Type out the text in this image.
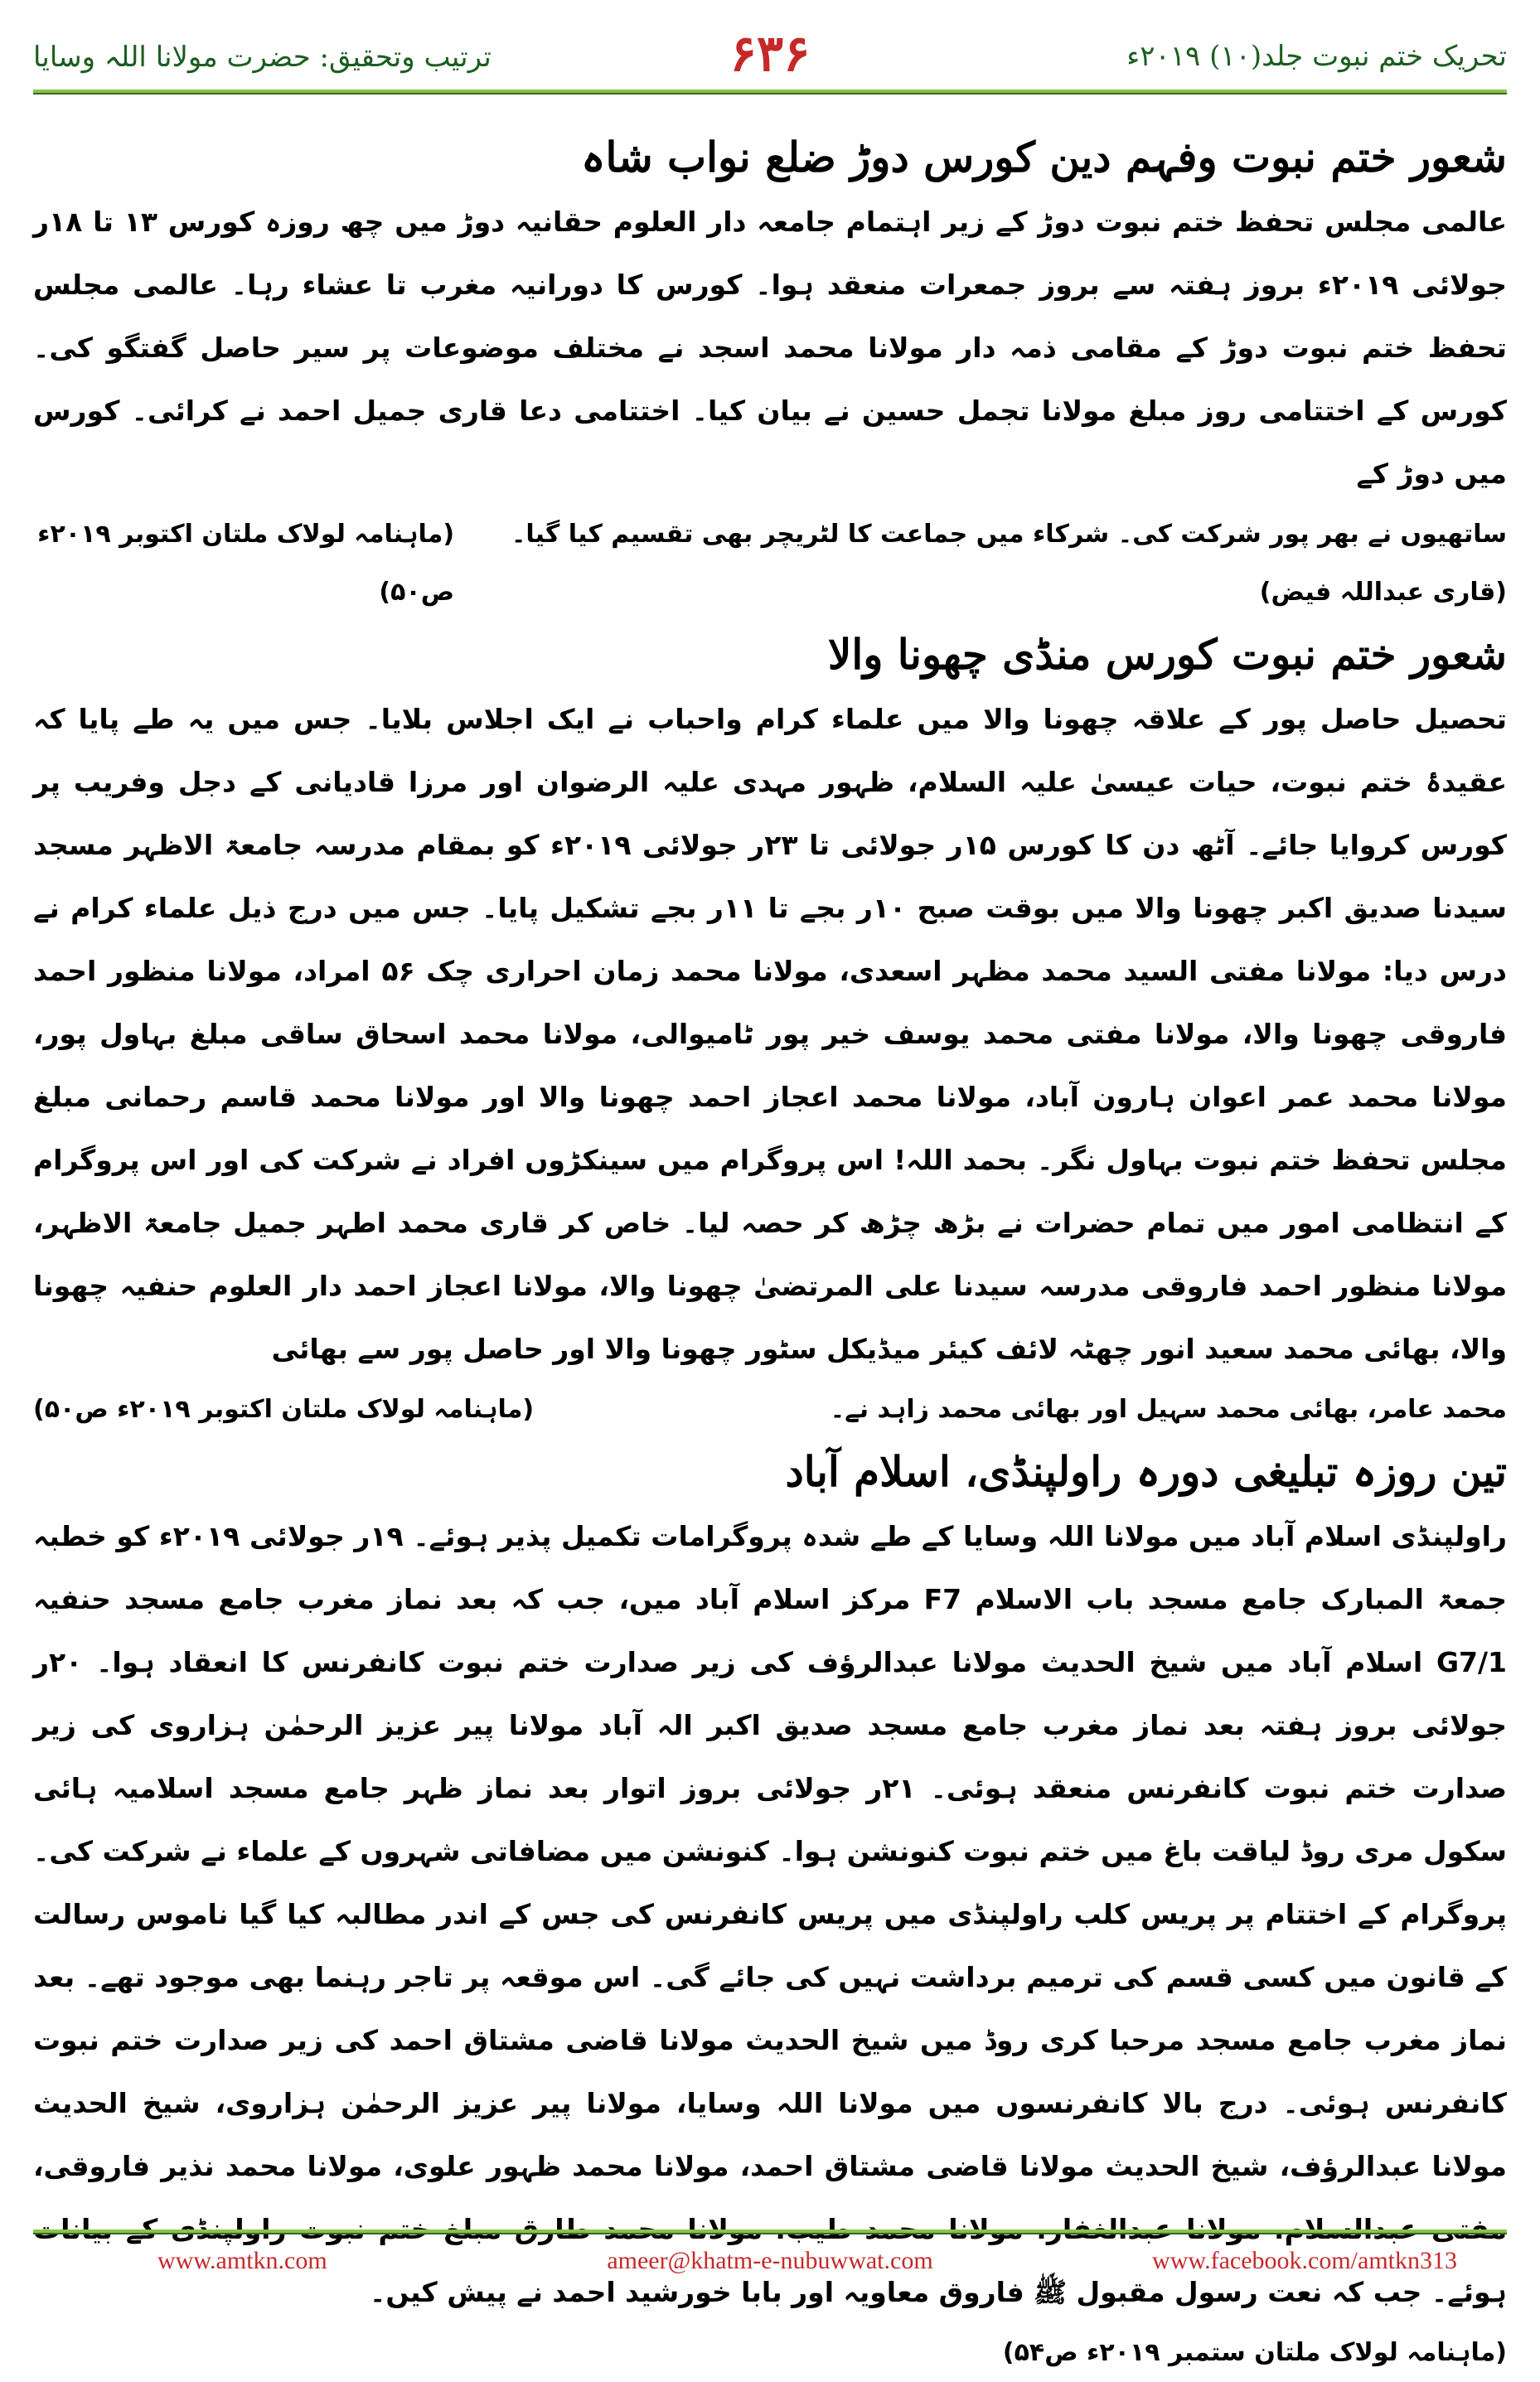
تحریک ختم نبوت جلد(۱۰) ۲۰۱۹ء
۶۳۶
ترتیب وتحقیق: حضرت مولانا اللہ وسایا
شعور ختم نبوت وفہم دین کورس دوڑ ضلع نواب شاہ

عالمی مجلس تحفظ ختم نبوت دوڑ کے زیر اہتمام جامعہ دار العلوم حقانیہ دوڑ میں چھ روزہ کورس ۱۳ تا ۱۸ر جولائی ۲۰۱۹ء بروز ہفتہ سے بروز جمعرات منعقد ہوا۔ کورس کا دورانیہ مغرب تا عشاء رہا۔ عالمی مجلس تحفظ ختم نبوت دوڑ کے مقامی ذمہ دار مولانا محمد اسجد نے مختلف موضوعات پر سیر حاصل گفتگو کی۔ کورس کے اختتامی روز مبلغ مولانا تجمل حسین نے بیان کیا۔ اختتامی دعا قاری جمیل احمد نے کرائی۔ کورس میں دوڑ کے

ساتھیوں نے بھر پور شرکت کی۔ شرکاء میں جماعت کا لٹریچر بھی تقسیم کیا گیا۔ (قاری عبداللہ فیض)
(ماہنامہ لولاک ملتان اکتوبر ۲۰۱۹ء ص۵۰)
شعور ختم نبوت کورس منڈی چھونا والا

تحصیل حاصل پور کے علاقہ چھونا والا میں علماء کرام واحباب نے ایک اجلاس بلایا۔ جس میں یہ طے پایا کہ عقیدۂ ختم نبوت، حیات عیسیٰ علیہ السلام، ظہور مہدی علیہ الرضوان اور مرزا قادیانی کے دجل وفریب پر کورس کروایا جائے۔ آٹھ دن کا کورس ۱۵ر جولائی تا ۲۳ر جولائی ۲۰۱۹ء کو بمقام مدرسہ جامعۃ الاظہر مسجد سیدنا صدیق اکبر چھونا والا میں بوقت صبح ۱۰ر بجے تا ۱۱ر بجے تشکیل پایا۔ جس میں درج ذیل علماء کرام نے درس دیا: مولانا مفتی السید محمد مظہر اسعدی، مولانا محمد زمان احراری چک ۵۶ امراد، مولانا منظور احمد فاروقی چھونا والا، مولانا مفتی محمد یوسف خیر پور ٹامیوالی، مولانا محمد اسحاق ساقی مبلغ بہاول پور، مولانا محمد عمر اعوان ہارون آباد، مولانا محمد اعجاز احمد چھونا والا اور مولانا محمد قاسم رحمانی مبلغ مجلس تحفظ ختم نبوت بہاول نگر۔ بحمد اللہ! اس پروگرام میں سینکڑوں افراد نے شرکت کی اور اس پروگرام کے انتظامی امور میں تمام حضرات نے بڑھ چڑھ کر حصہ لیا۔ خاص کر قاری محمد اطہر جمیل جامعۃ الاظہر، مولانا منظور احمد فاروقی مدرسہ سیدنا علی المرتضیٰ چھونا والا، مولانا اعجاز احمد دار العلوم حنفیہ چھونا والا، بھائی محمد سعید انور چھٹہ لائف کیئر میڈیکل سٹور چھونا والا اور حاصل پور سے بھائی

محمد عامر، بھائی محمد سہیل اور بھائی محمد زاہد نے۔
(ماہنامہ لولاک ملتان اکتوبر ۲۰۱۹ء ص۵۰)
تین روزہ تبلیغی دورہ راولپنڈی، اسلام آباد

راولپنڈی اسلام آباد میں مولانا اللہ وسایا کے طے شدہ پروگرامات تکمیل پذیر ہوئے۔ ۱۹ر جولائی ۲۰۱۹ء کو خطبہ جمعۃ المبارک جامع مسجد باب الاسلام F7 مرکز اسلام آباد میں، جب کہ بعد نماز مغرب جامع مسجد حنفیہ G7/1 اسلام آباد میں شیخ الحدیث مولانا عبدالرؤف کی زیر صدارت ختم نبوت کانفرنس کا انعقاد ہوا۔ ۲۰ر جولائی بروز ہفتہ بعد نماز مغرب جامع مسجد صدیق اکبر الہ آباد مولانا پیر عزیز الرحمٰن ہزاروی کی زیر صدارت ختم نبوت کانفرنس منعقد ہوئی۔ ۲۱ر جولائی بروز اتوار بعد نماز ظہر جامع مسجد اسلامیہ ہائی سکول مری روڈ لیاقت باغ میں ختم نبوت کنونشن ہوا۔ کنونشن میں مضافاتی شہروں کے علماء نے شرکت کی۔ پروگرام کے اختتام پر پریس کلب راولپنڈی میں پریس کانفرنس کی جس کے اندر مطالبہ کیا گیا ناموس رسالت کے قانون میں کسی قسم کی ترمیم برداشت نہیں کی جائے گی۔ اس موقعہ پر تاجر رہنما بھی موجود تھے۔ بعد نماز مغرب جامع مسجد مرحبا کری روڈ میں شیخ الحدیث مولانا قاضی مشتاق احمد کی زیر صدارت ختم نبوت کانفرنس ہوئی۔ درج بالا کانفرنسوں میں مولانا اللہ وسایا، مولانا پیر عزیز الرحمٰن ہزاروی، شیخ الحدیث مولانا عبدالرؤف، شیخ الحدیث مولانا قاضی مشتاق احمد، مولانا محمد ظہور علوی، مولانا محمد نذیر فاروقی، ہوئے۔ جب کہ نعت رسول مقبول ﷺ فاروق معاویہ اور بابا خورشید احمد نے پیش کیں۔

(ماہنامہ لولاک ملتان ستمبر ۲۰۱۹ء ص۵۴)

www.amtkn.com	ameer@khatm-e-nubuwwat.com	www.facebook.com/amtkn313
